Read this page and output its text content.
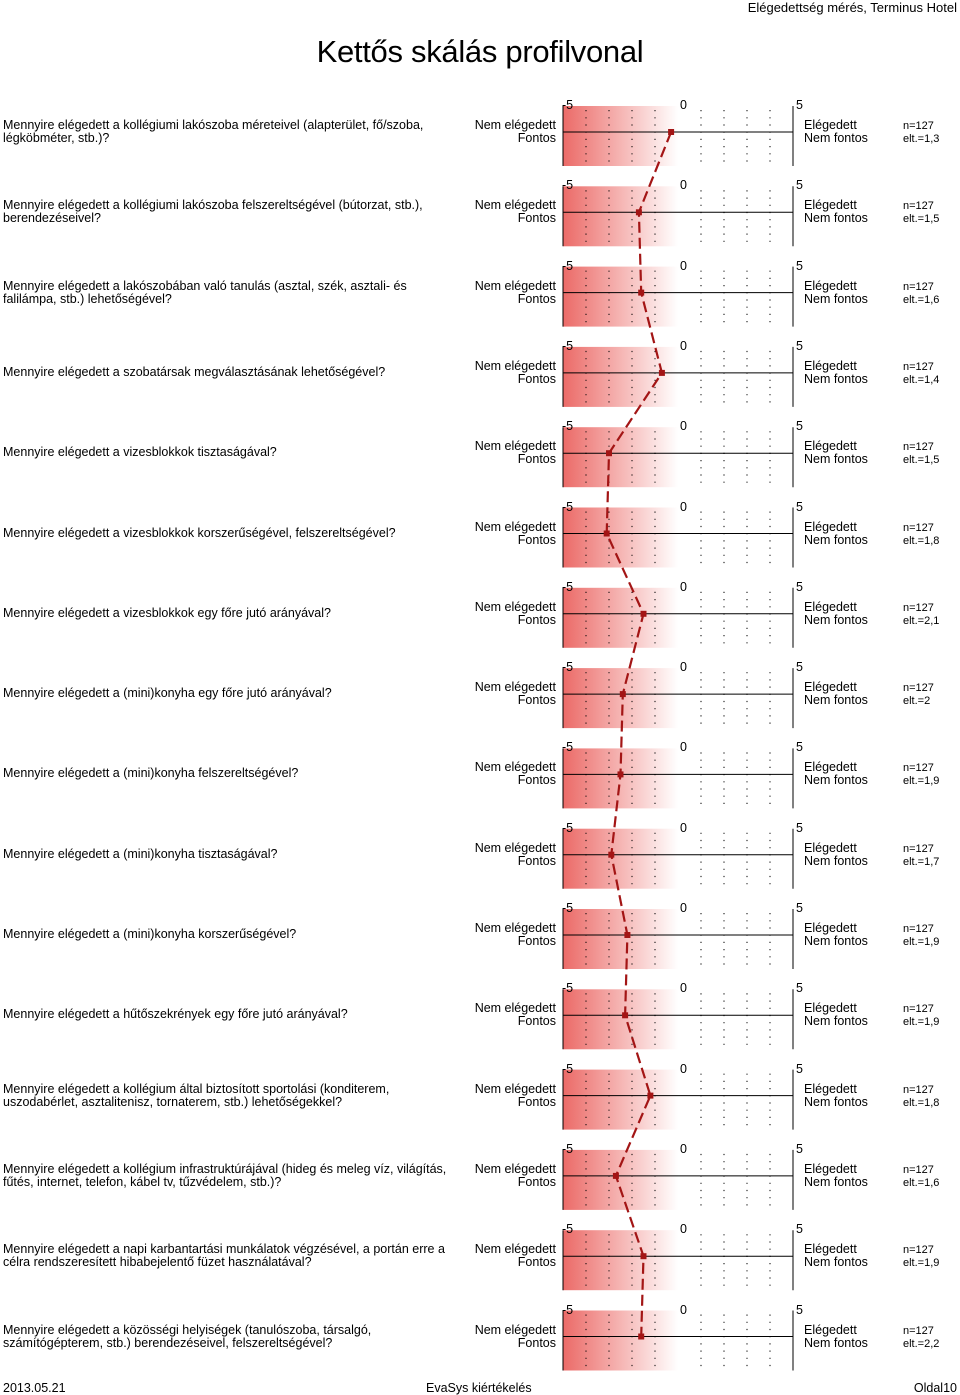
Elégedettség mérés, Terminus Hotel
Kettős skálás profilvonal
Mennyire elégedett a kollégiumi lakószoba méreteivel (alapterület, fő/szoba, légköbméter, stb.)?
-5	0	5
Nem elégedett
Fontos
Elégedett
Nem fontos
n=127
elt.=1,3
Mennyire elégedett a kollégiumi lakószoba felszereltségével (bútorzat, stb.), berendezéseivel?
-5	0	5
Nem elégedett
Fontos
Elégedett
Nem fontos
n=127
elt.=1,5
Mennyire elégedett a lakószobában való tanulás (asztal, szék, asztali- és falilámpa, stb.) lehetőségével?
-5	0	5
Nem elégedett
Fontos
Elégedett
Nem fontos
n=127
elt.=1,6
Mennyire elégedett a szobatársak megválasztásának lehetőségével?
-5	0	5
Nem elégedett
Fontos
Elégedett
Nem fontos
n=127
elt.=1,4
Mennyire elégedett a vizesblokkok tisztaságával?
-5	0	5
Nem elégedett
Fontos
Elégedett
Nem fontos
n=127
elt.=1,5
Mennyire elégedett a vizesblokkok korszerűségével, felszereltségével?
-5	0	5
Nem elégedett
Fontos
Elégedett
Nem fontos
n=127
elt.=1,8
Mennyire elégedett a vizesblokkok egy főre jutó arányával?
-5	0	5
Nem elégedett
Fontos
Elégedett
Nem fontos
n=127
elt.=2,1
Mennyire elégedett a (mini)konyha egy főre jutó arányával?
-5	0	5
Nem elégedett
Fontos
Elégedett
Nem fontos
n=127
elt.=2
Mennyire elégedett a (mini)konyha felszereltségével?
-5	0	5
Nem elégedett
Fontos
Elégedett
Nem fontos
n=127
elt.=1,9
Mennyire elégedett a (mini)konyha tisztaságával?
-5	0	5
Nem elégedett
Fontos
Elégedett
Nem fontos
n=127
elt.=1,7
Mennyire elégedett a (mini)konyha korszerűségével?
-5	0	5
Nem elégedett
Fontos
Elégedett
Nem fontos
n=127
elt.=1,9
Mennyire elégedett a hűtőszekrények egy főre jutó arányával?
-5	0	5
Nem elégedett
Fontos
Elégedett
Nem fontos
n=127
elt.=1,9
Mennyire elégedett a kollégium által biztosított sportolási (konditerem, uszodabérlet, asztalitenisz, tornaterem, stb.) lehetőségekkel?
-5	0	5
Nem elégedett
Fontos
Elégedett
Nem fontos
n=127
elt.=1,8
Mennyire elégedett a kollégium infrastruktúrájával (hideg és meleg víz, világítás, fűtés, internet, telefon, kábel tv, tűzvédelem, stb.)?
-5	0	5
Nem elégedett
Fontos
Elégedett
Nem fontos
n=127
elt.=1,6
Mennyire elégedett a napi karbantartási munkálatok végzésével, a portán erre a célra rendszeresített hibabejelentő füzet használatával?
-5	0	5
Nem elégedett
Fontos
Elégedett
Nem fontos
n=127
elt.=1,9
Mennyire elégedett a közösségi helyiségek (tanulószoba, társalgó, számítógépterem, stb.) berendezéseivel, felszereltségével?
-5	0	5
Nem elégedett
Fontos
Elégedett
Nem fontos
n=127
elt.=2,2
2013.05.21	EvaSys kiértékelés	Oldal10
